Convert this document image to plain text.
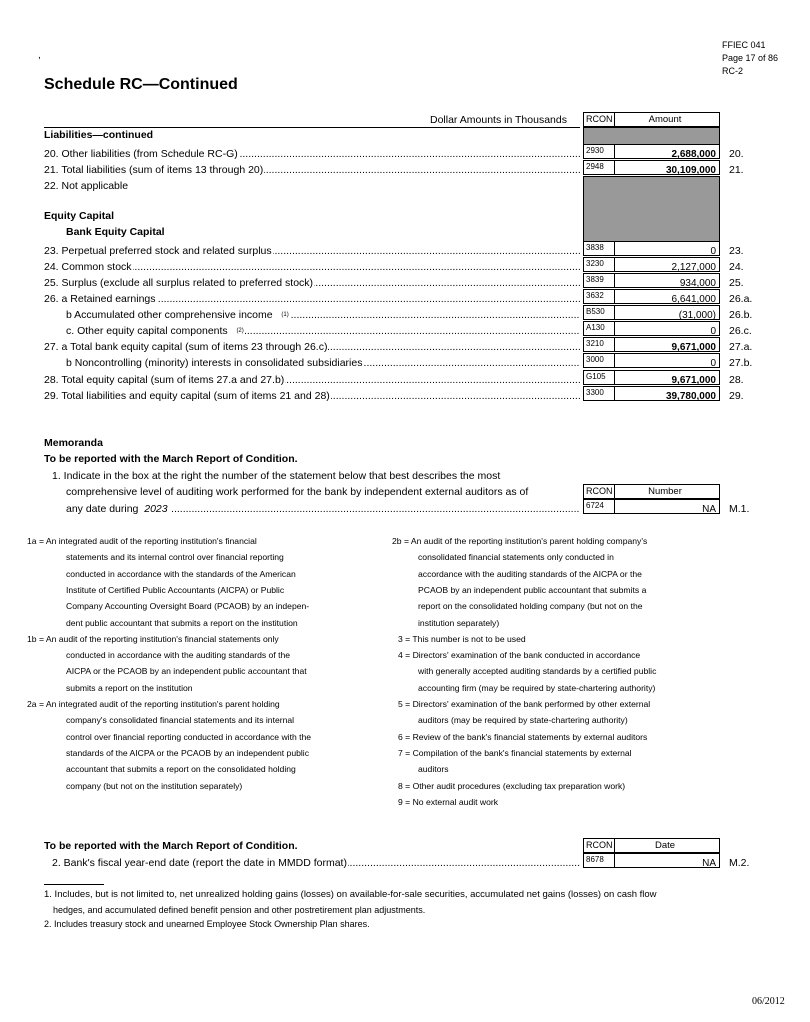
FFIEC 041
Page 17 of 86
RC-2
,
Schedule RC—Continued
Dollar Amounts in Thousands	RCON	Amount
Liabilities—continued
Equity Capital
Bank Equity Capital
20. Other liabilities (from Schedule RC-G) .....	2930	2,688,000	20.
21. Total liabilities (sum of items 13 through 20) .....	2948	30,109,000	21.
22. Not applicable
23. Perpetual preferred stock and related surplus .....	3838	0	23.
24. Common stock .....	3230	2,127,000	24.
25. Surplus (exclude all surplus related to preferred stock) .....	3839	934,000	25.
26. a Retained earnings .....	3632	6,641,000	26.a.
b Accumulated other comprehensive income (1) .....	B530	(31,000)	26.b.
c. Other equity capital components (2) .....	A130	0	26.c.
27. a Total bank equity capital (sum of items 23 through 26.c) .....	3210	9,671,000	27.a.
b Noncontrolling (minority) interests in consolidated subsidiaries .....	3000	0	27.b.
28. Total equity capital (sum of items 27.a and 27.b) .....	G105	9,671,000	28.
29. Total liabilities and equity capital (sum of items 21 and 28) .....	3300	39,780,000	29.
Memoranda
To be reported with the March Report of Condition.
1. Indicate in the box at the right the number of the statement below that best describes the most
comprehensive level of auditing work performed for the bank by independent external auditors as of
any date during 2023  .....
RCON	Number
6724	NA	M.1.
1a = An integrated audit of the reporting institution's financial
statements and its internal control over financial reporting
conducted in accordance with the standards of the American
Institute of Certified Public Accountants (AICPA) or Public
Company Accounting Oversight Board (PCAOB) by an indepen-
dent public accountant that submits a report on the institution
1b = An audit of the reporting institution's financial statements only
conducted in accordance with the auditing standards of the
AICPA or the PCAOB by an independent public accountant that
submits a report on the institution
2a = An integrated audit of the reporting institution's parent holding
company's consolidated financial statements and its internal
control over financial reporting conducted in accordance with the
standards of the AICPA or the PCAOB by an independent public
accountant that submits a report on the consolidated holding
company (but not on the institution separately)
2b = An audit of the reporting institution's parent holding company's
consolidated financial statements only conducted in
accordance with the auditing standards of the AICPA or the
PCAOB by an independent public accountant that submits a
report on the consolidated holding company (but not on the
institution separately)
3 = This number is not to be used
4 = Directors' examination of the bank conducted in accordance
with generally accepted auditing standards by a certified public
accounting firm (may be required by state-chartering authority)
5 = Directors' examination of the bank performed by other external
auditors (may be required by state-chartering authority)
6 = Review of the bank's financial statements by external auditors
7 = Compilation of the bank's financial statements by external
auditors
8 = Other audit procedures (excluding tax preparation work)
9 = No external audit work
To be reported with the March Report of Condition.
2. Bank's fiscal year-end date (report the date in MMDD format) .....
RCON	Date
8678	NA	M.2.
1. Includes, but is not limited to, net unrealized holding gains (losses) on available-for-sale securities, accumulated net gains (losses) on cash flow
hedges, and accumulated defined benefit pension and other postretirement plan adjustments.
2. Includes treasury stock and unearned Employee Stock Ownership Plan shares.
06/2012
